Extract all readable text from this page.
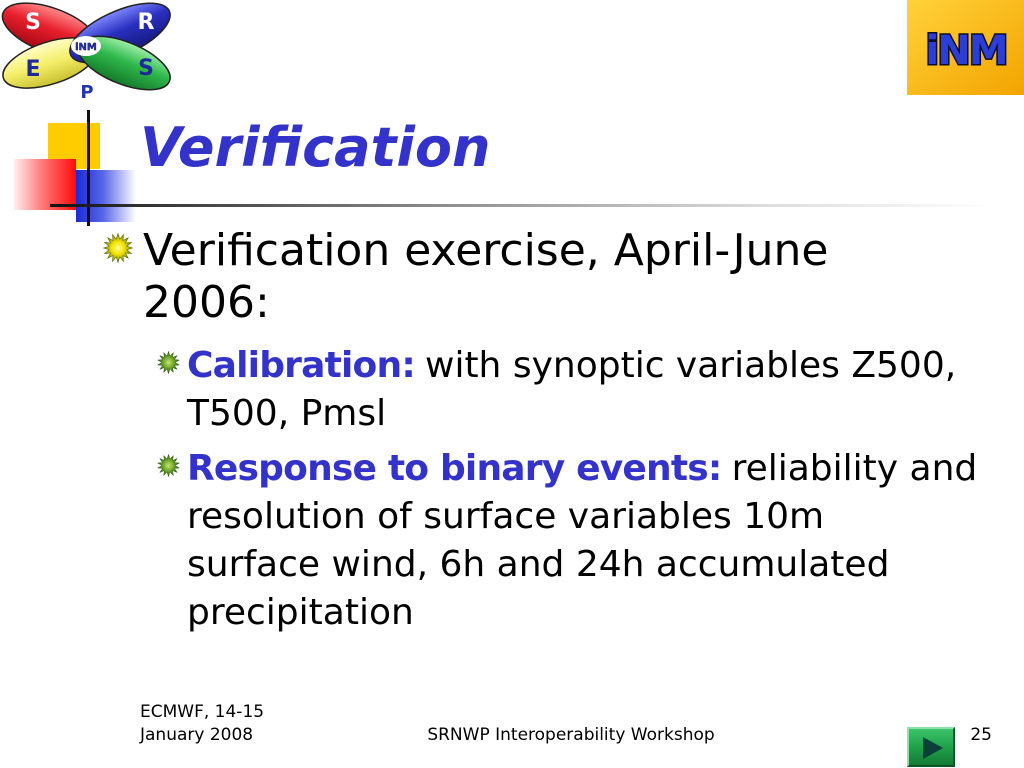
iNM
S	R
E	S
P
iNM
Verification
Verification exercise, April-June
2006:
Calibration: with synoptic variables Z500,
T500, Pmsl
Response to binary events: reliability and
resolution of surface variables 10m
surface wind, 6h and 24h accumulated
precipitation
ECMWF, 14-15 January 2008	SRNWP Interoperability Workshop	25
